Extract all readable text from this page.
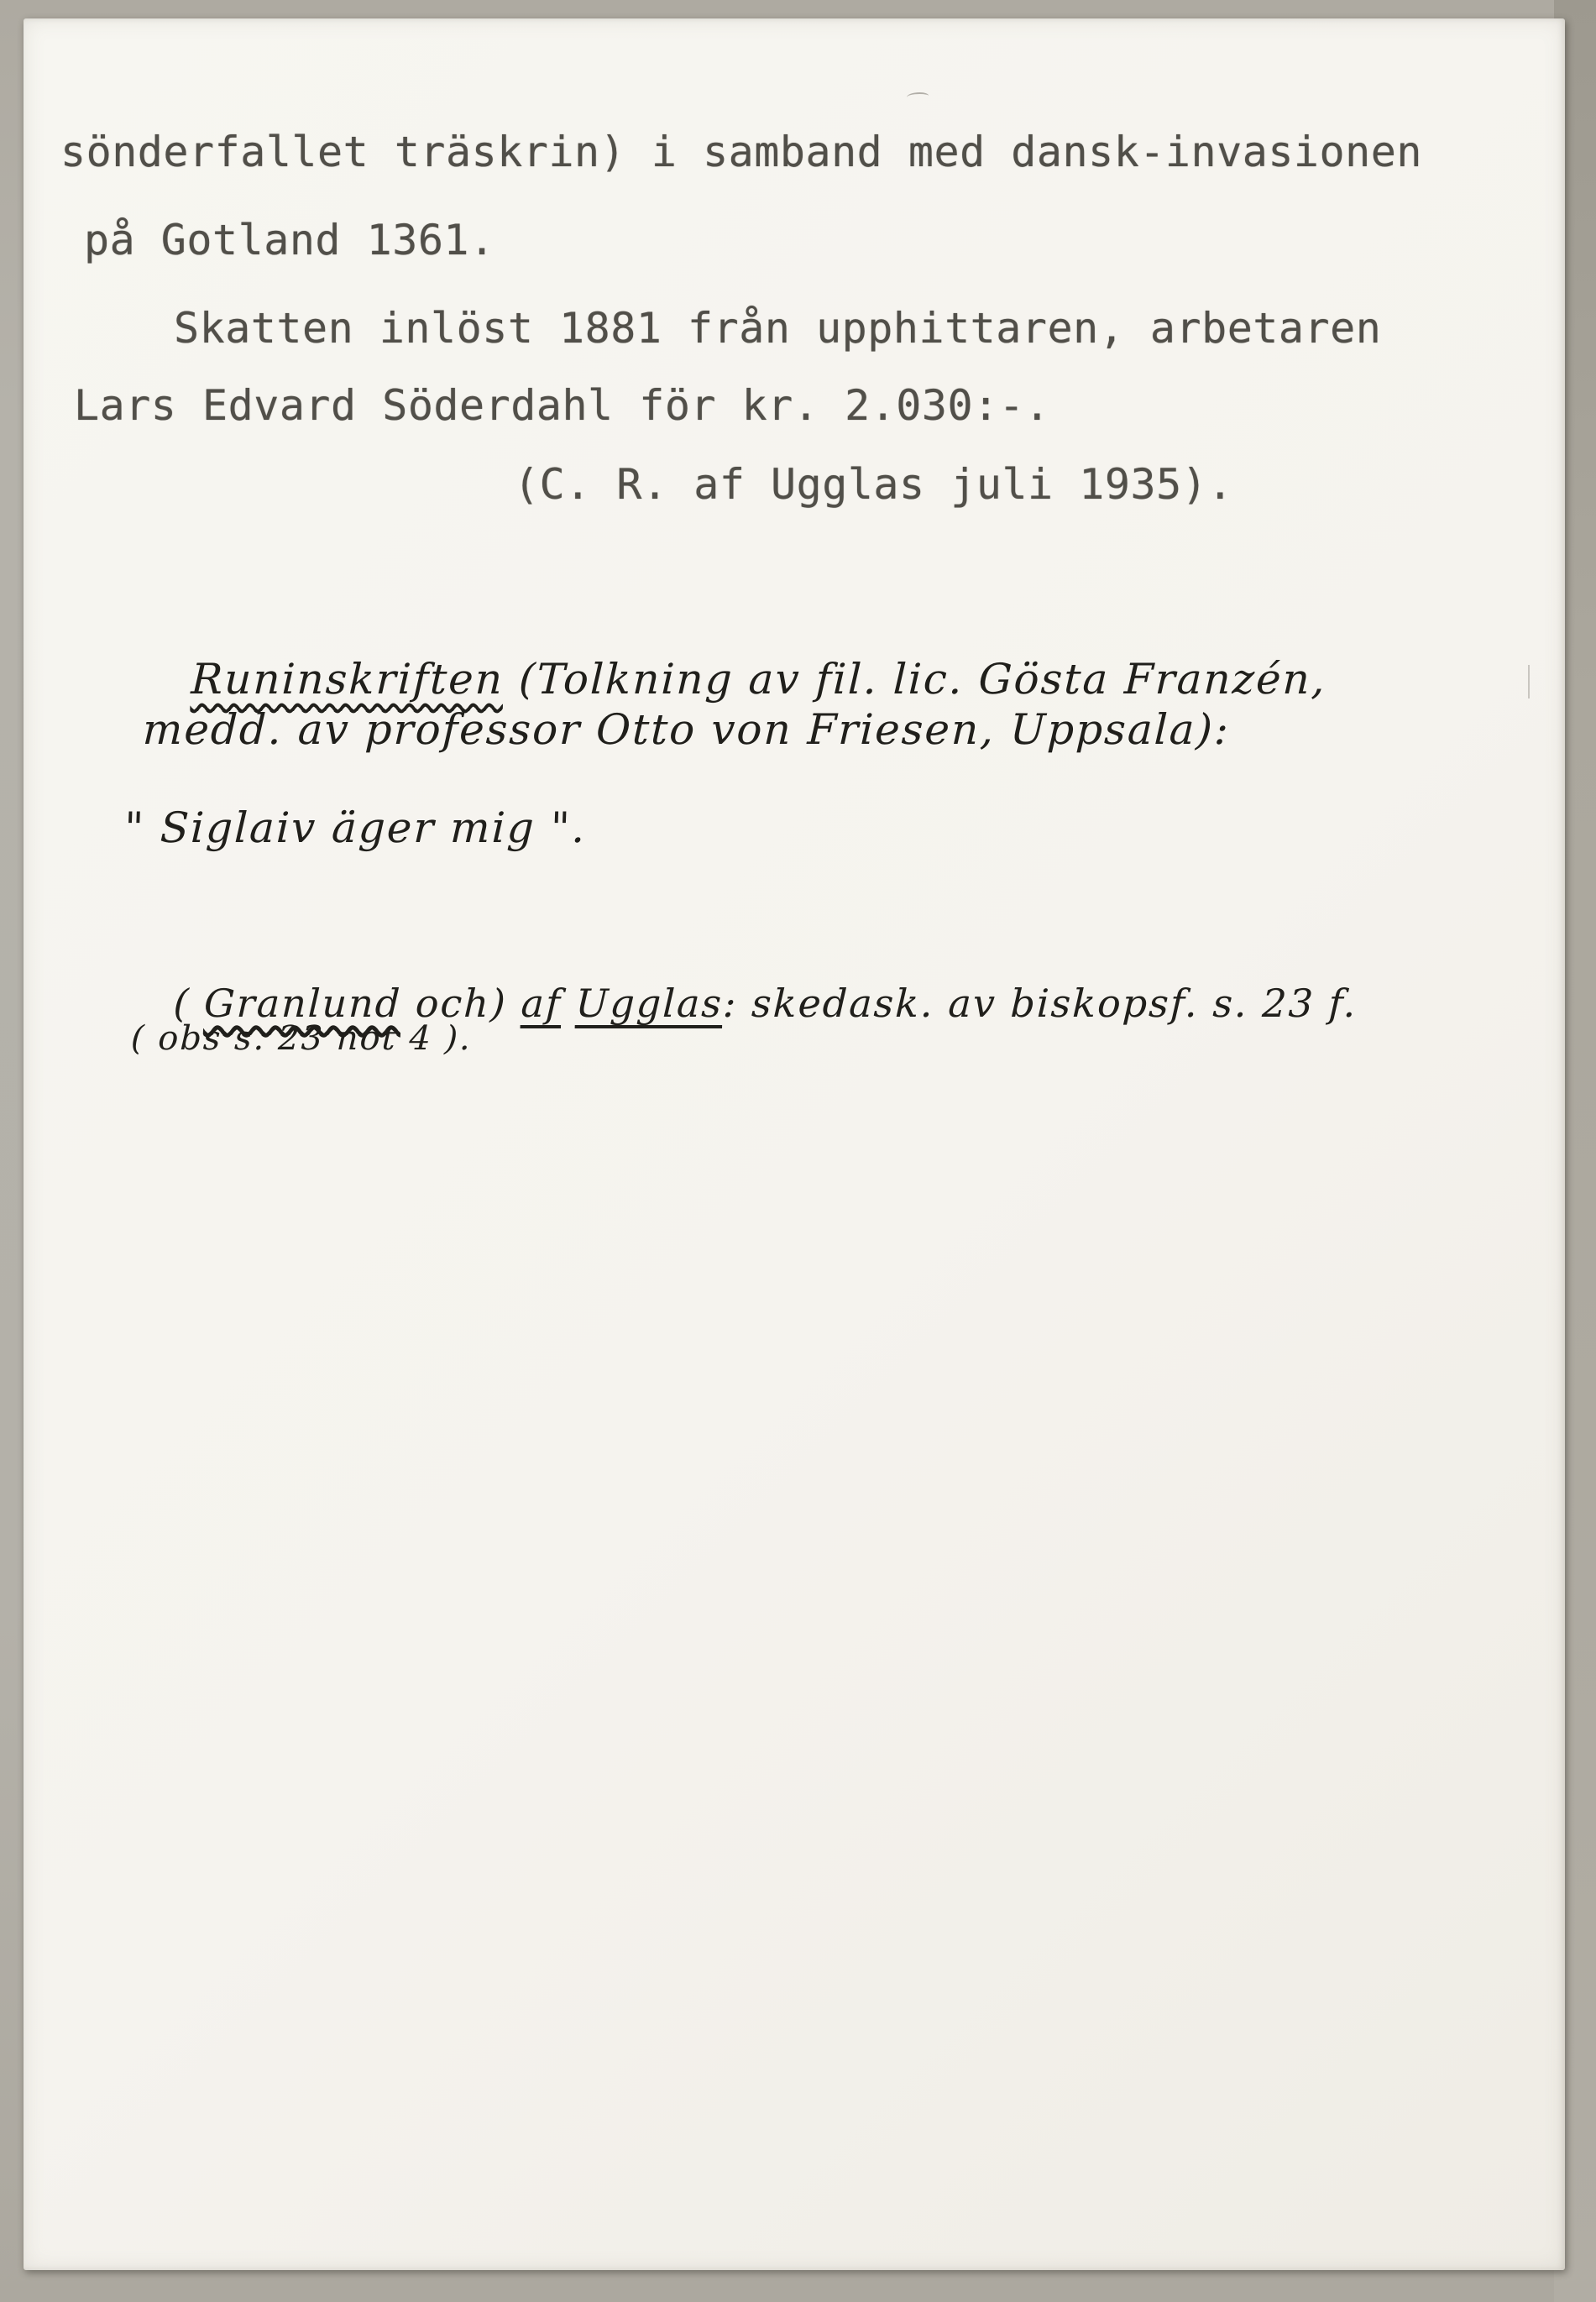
sönderfallet träskrin) i samband med dansk-invasionen
på Gotland 1361.
Skatten inlöst 1881 från upphittaren, arbetaren
Lars Edvard Söderdahl för kr. 2.030:-.
(C. R. af Ugglas juli 1935).

Runinskriften (Tolkning av fil. lic. Gösta Franzén,

medd. av professor Otto von Friesen, Uppsala):
" Siglaiv äger mig ".

( Granlund och) af Ugglas: skedask. av biskopsf. s. 23 f.

( obs s. 23 not 4 ).
